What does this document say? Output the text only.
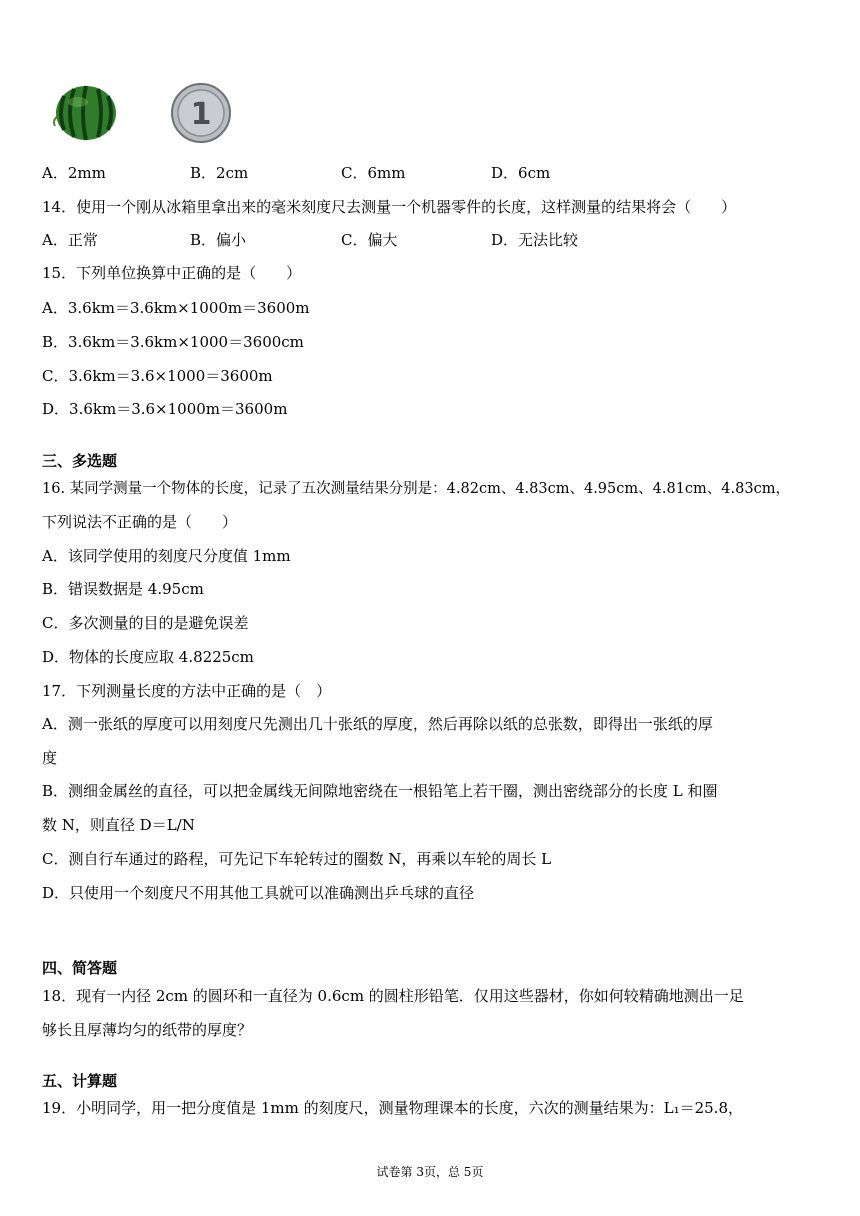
1
A．2mm	B．2cm	C．6mm	D．6cm
14．使用一个刚从冰箱里拿出来的毫米刻度尺去测量一个机器零件的长度，这样测量的结果将会（　　）
A．正常	B．偏小	C．偏大	D．无法比较
15．下列单位换算中正确的是（　　）
A．3.6km＝3.6km×1000m＝3600m
B．3.6km＝3.6km×1000＝3600cm
C．3.6km＝3.6×1000＝3600m
D．3.6km＝3.6×1000m＝3600m
三、多选题
16. 某同学测量一个物体的长度，记录了五次测量结果分别是：4.82cm、4.83cm、4.95cm、4.81cm、4.83cm，
下列说法不正确的是（　　）
A．该同学使用的刻度尺分度值 1mm
B．错误数据是 4.95cm
C．多次测量的目的是避免误差
D．物体的长度应取 4.8225cm
17．下列测量长度的方法中正确的是（　）
A．测一张纸的厚度可以用刻度尺先测出几十张纸的厚度，然后再除以纸的总张数，即得出一张纸的厚
度
B．测细金属丝的直径，可以把金属线无间隙地密绕在一根铅笔上若干圈，测出密绕部分的长度 L 和圈
数 N，则直径 D＝L/N
C．测自行车通过的路程，可先记下车轮转过的圈数 N，再乘以车轮的周长 L
D．只使用一个刻度尺不用其他工具就可以准确测出乒乓球的直径
四、简答题
18．现有一内径 2cm 的圆环和一直径为 0.6cm 的圆柱形铅笔．仅用这些器材，你如何较精确地测出一足
够长且厚薄均匀的纸带的厚度？
五、计算题
19．小明同学，用一把分度值是 1mm 的刻度尺，测量物理课本的长度，六次的测量结果为：L₁＝25.8，
试卷第 3页，总 5页
